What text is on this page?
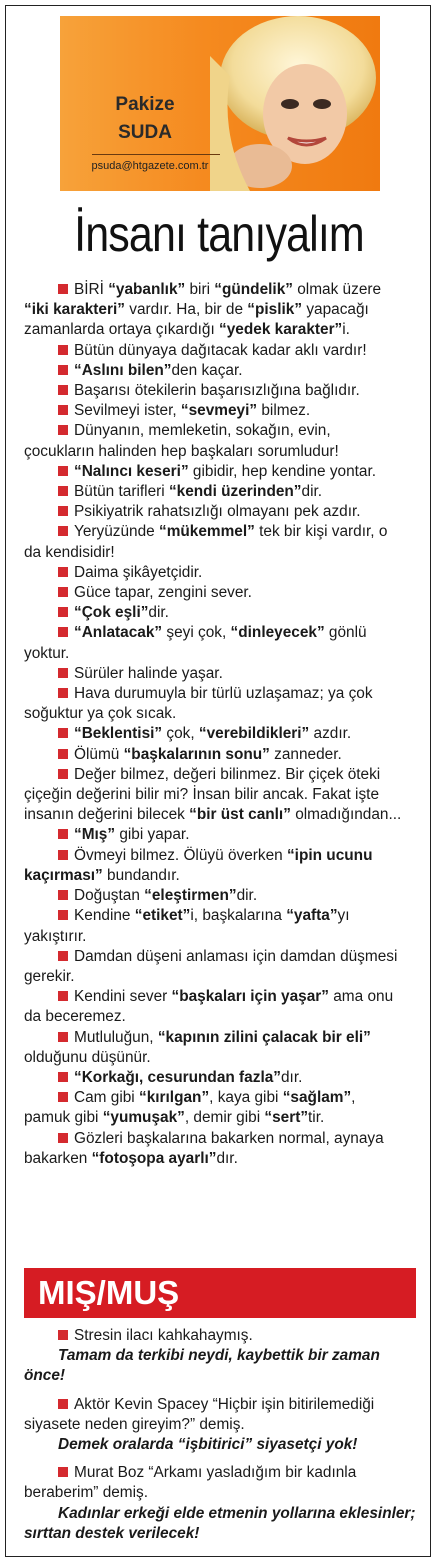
Pakize
SUDA
psuda@htgazete.com.tr
İnsanı tanıyalım

BİRİ “yabanlık” biri “gündelik” olmak üzere “iki karakteri” vardır. Ha, bir de “pislik” yapacağı zamanlarda ortaya çıkardığı “yedek karakter”i.

Bütün dünyaya dağıtacak kadar aklı vardır!

“Aslını bilen”den kaçar.

Başarısı ötekilerin başarısızlığına bağlıdır.

Sevilmeyi ister, “sevmeyi” bilmez.

Dünyanın, memleketin, sokağın, evin, çocukların halinden hep başkaları sorumludur!

“Nalıncı keseri” gibidir, hep kendine yontar.

Bütün tarifleri “kendi üzerinden”dir.

Psikiyatrik rahatsızlığı olmayanı pek azdır.

Yeryüzünde “mükemmel” tek bir kişi vardır, o da kendisidir!

Daima şikâyetçidir.

Güce tapar, zengini sever.

“Çok eşli”dir.

“Anlatacak” şeyi çok, “dinleyecek” gönlü yoktur.

Sürüler halinde yaşar.

Hava durumuyla bir türlü uzlaşamaz; ya çok soğuktur ya çok sıcak.

“Beklentisi” çok, “verebildikleri” azdır.

Ölümü “başkalarının sonu” zanneder.

Değer bilmez, değeri bilinmez. Bir çiçek öteki çiçeğin değerini bilir mi? İnsan bilir ancak. Fakat işte insanın değerini bilecek “bir üst canlı” olmadığından...

“Mış” gibi yapar.

Övmeyi bilmez. Ölüyü överken “ipin ucunu kaçırması” bundandır.

Doğuştan “eleştirmen”dir.

Kendine “etiket”i, başkalarına “yafta”yı yakıştırır.

Damdan düşeni anlaması için damdan düşmesi gerekir.

Kendini sever “başkaları için yaşar” ama onu da beceremez.

Mutluluğun, “kapının zilini çalacak bir eli” olduğunu düşünür.

“Korkağı, cesurundan fazla”dır.

Cam gibi “kırılgan”, kaya gibi “sağlam”, pamuk gibi “yumuşak”, demir gibi “sert”tir.

Gözleri başkalarına bakarken normal, aynaya bakarken “fotoşopa ayarlı”dır.

MIŞ/MUŞ

Stresin ilacı kahkahaymış.

Tamam da terkibi neydi, kaybettik bir zaman önce!

Aktör Kevin Spacey “Hiçbir işin bitirilemediği siyasete neden gireyim?” demiş.

Demek oralarda “işbitirici” siyasetçi yok!

Murat Boz “Arkamı yasladığım bir kadınla beraberim” demiş.

Kadınlar erkeği elde etmenin yollarına eklesinler; sırttan destek verilecek!
